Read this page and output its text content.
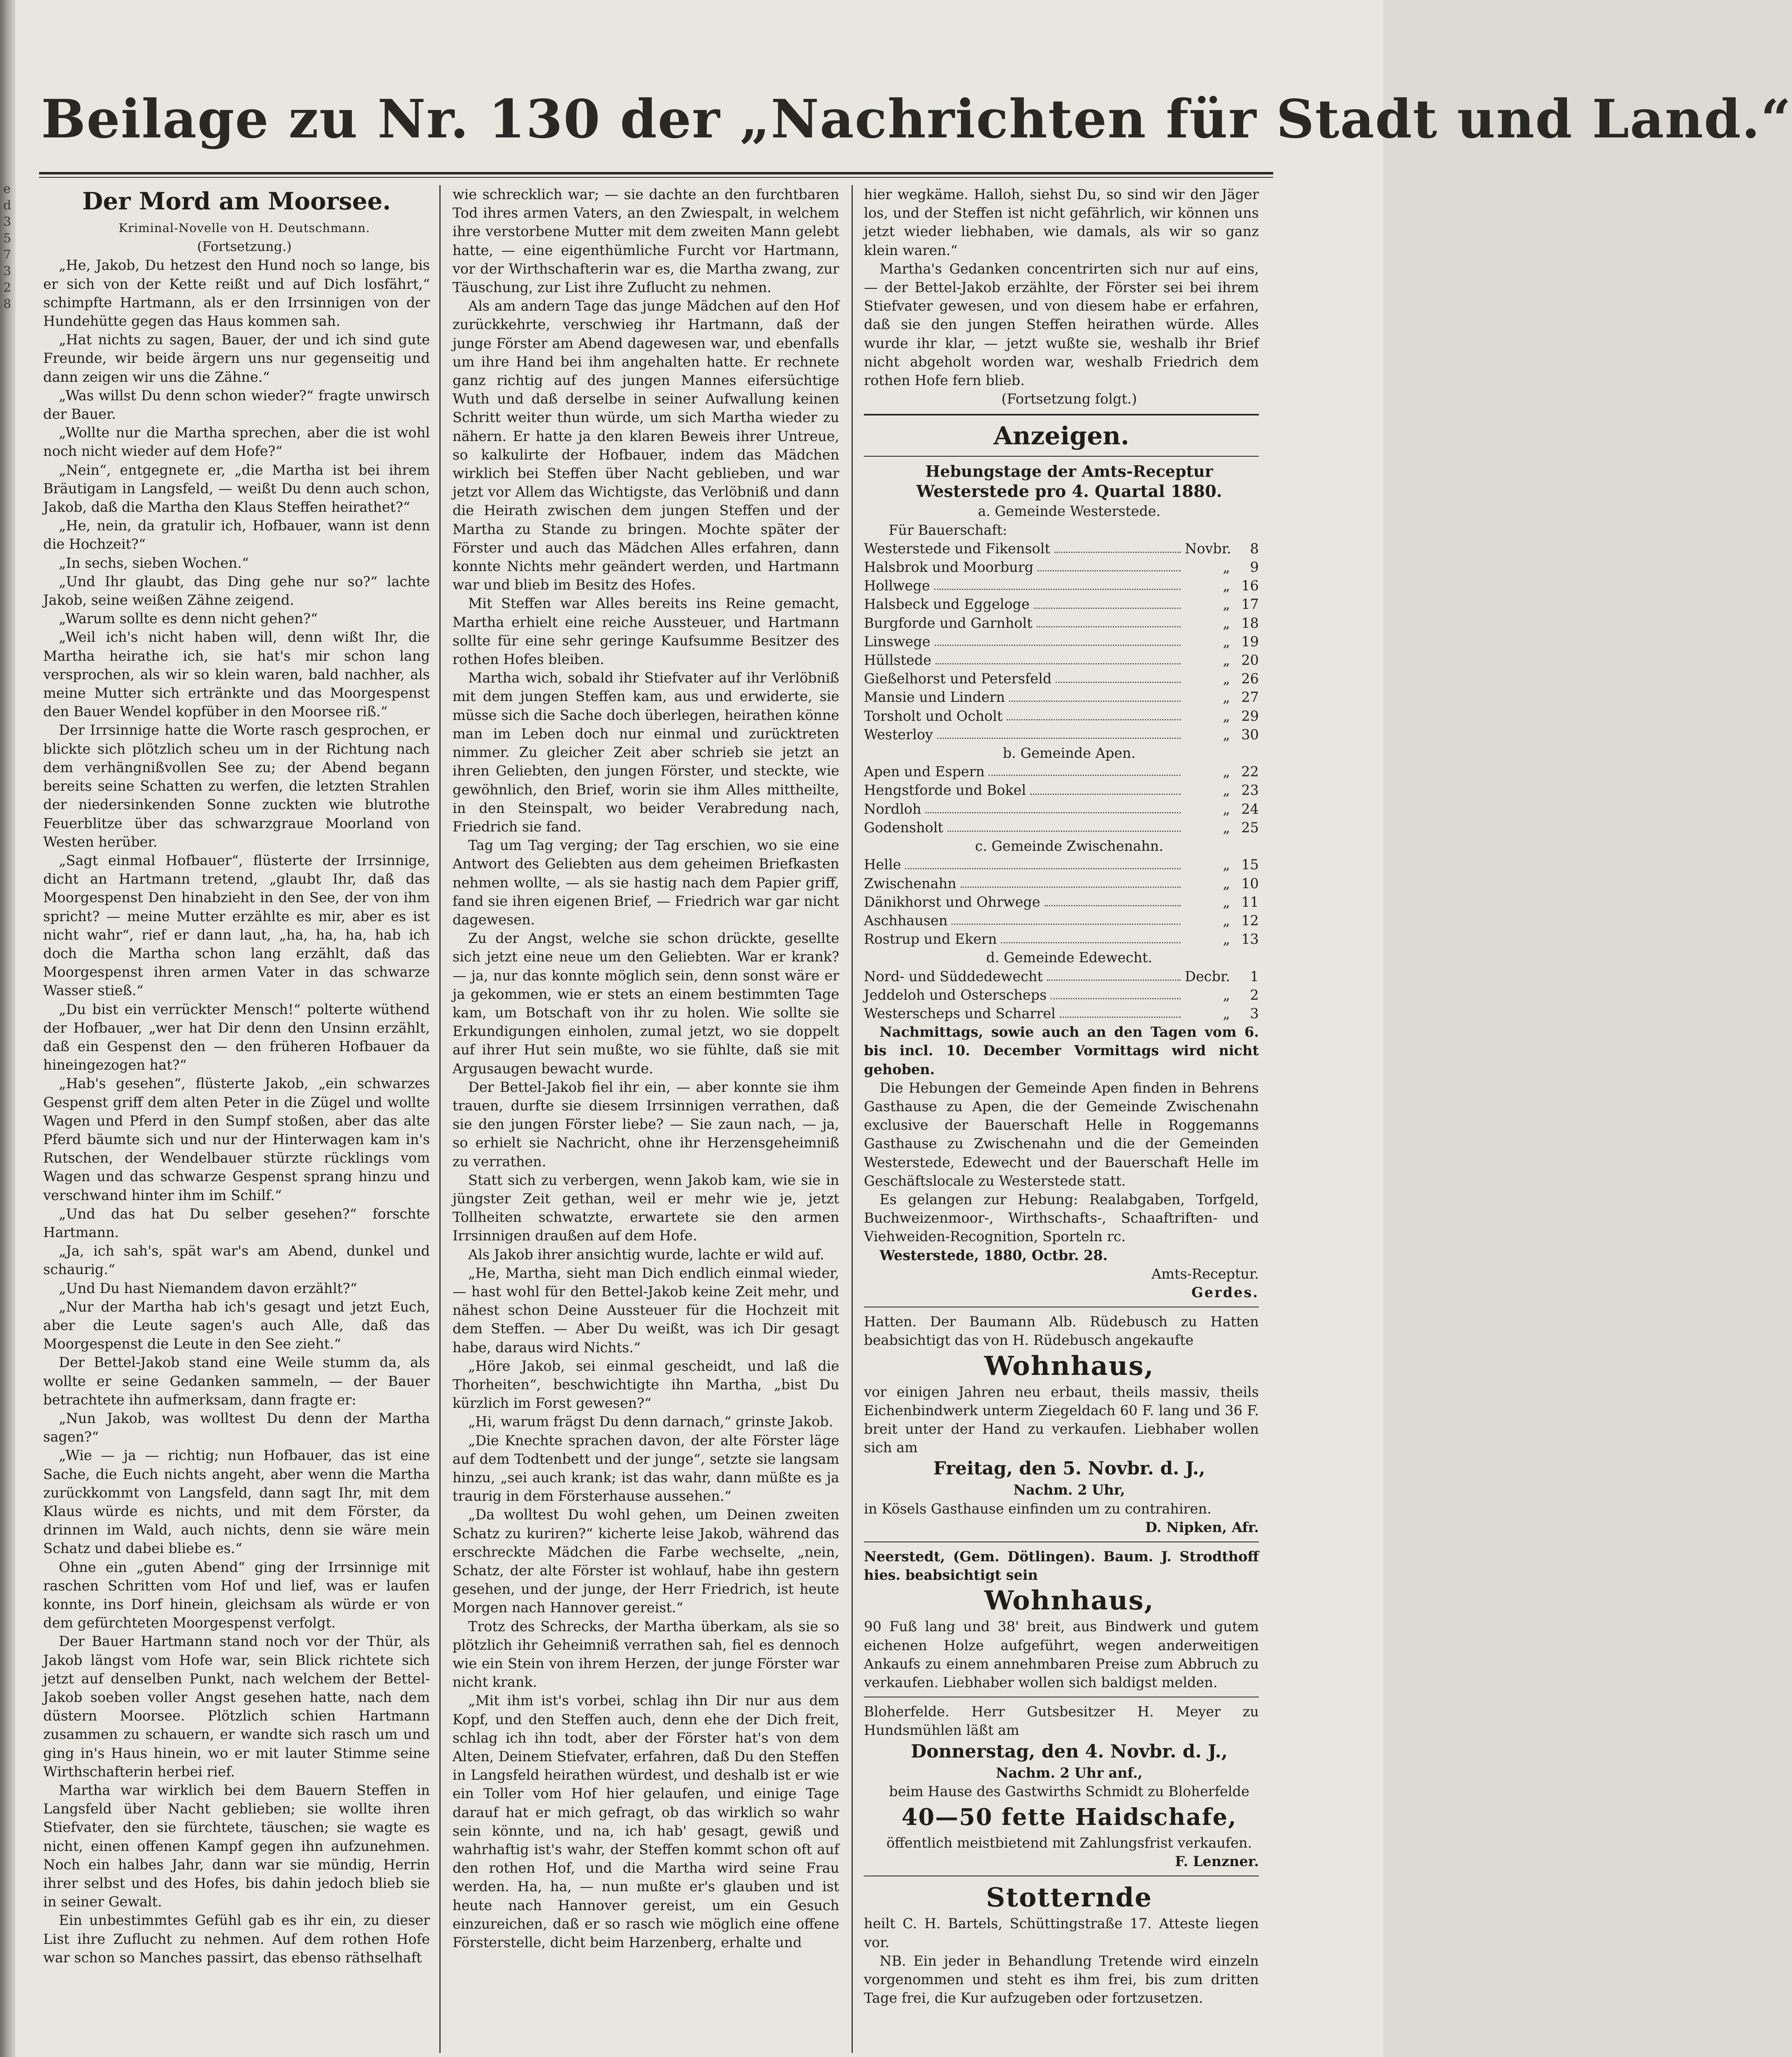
e
d
3
5
7
3
2
8
Beilage zu Nr. 130 der „Nachrichten für Stadt und Land.“
Der Mord am Moorsee.

Kriminal-Novelle von H. Deutschmann.

(Fortsetzung.)

„He, Jakob, Du hetzest den Hund noch so lange, bis er sich von der Kette reißt und auf Dich losfährt,“ schimpfte Hartmann, als er den Irrsinnigen von der Hundehütte gegen das Haus kommen sah.

„Hat nichts zu sagen, Bauer, der und ich sind gute Freunde, wir beide ärgern uns nur gegenseitig und dann zeigen wir uns die Zähne.“

„Was willst Du denn schon wieder?“ fragte unwirsch der Bauer.

„Wollte nur die Martha sprechen, aber die ist wohl noch nicht wieder auf dem Hofe?“

„Nein“, entgegnete er, „die Martha ist bei ihrem Bräutigam in Langsfeld, — weißt Du denn auch schon, Jakob, daß die Martha den Klaus Steffen heirathet?“

„He, nein, da gratulir ich, Hofbauer, wann ist denn die Hochzeit?“

„In sechs, sieben Wochen.“

„Und Ihr glaubt, das Ding gehe nur so?“ lachte Jakob, seine weißen Zähne zeigend.

„Warum sollte es denn nicht gehen?“

„Weil ich's nicht haben will, denn wißt Ihr, die Martha heirathe ich, sie hat's mir schon lang versprochen, als wir so klein waren, bald nachher, als meine Mutter sich ertränkte und das Moorgespenst den Bauer Wendel kopfüber in den Moorsee riß.“

Der Irrsinnige hatte die Worte rasch gesprochen, er blickte sich plötzlich scheu um in der Richtung nach dem verhängnißvollen See zu; der Abend begann bereits seine Schatten zu werfen, die letzten Strahlen der niedersinkenden Sonne zuckten wie blutrothe Feuerblitze über das schwarzgraue Moorland von Westen herüber.

„Sagt einmal Hofbauer“, flüsterte der Irrsinnige, dicht an Hartmann tretend, „glaubt Ihr, daß das Moorgespenst Den hinabzieht in den See, der von ihm spricht? — meine Mutter erzählte es mir, aber es ist nicht wahr“, rief er dann laut, „ha, ha, ha, hab ich doch die Martha schon lang erzählt, daß das Moorgespenst ihren armen Vater in das schwarze Wasser stieß.“

„Du bist ein verrückter Mensch!“ polterte wüthend der Hofbauer, „wer hat Dir denn den Unsinn erzählt, daß ein Gespenst den — den früheren Hofbauer da hineingezogen hat?“

„Hab's gesehen“, flüsterte Jakob, „ein schwarzes Gespenst griff dem alten Peter in die Zügel und wollte Wagen und Pferd in den Sumpf stoßen, aber das alte Pferd bäumte sich und nur der Hinterwagen kam in's Rutschen, der Wendelbauer stürzte rücklings vom Wagen und das schwarze Gespenst sprang hinzu und verschwand hinter ihm im Schilf.“

„Und das hat Du selber gesehen?“ forschte Hartmann.

„Ja, ich sah's, spät war's am Abend, dunkel und schaurig.“

„Und Du hast Niemandem davon erzählt?“

„Nur der Martha hab ich's gesagt und jetzt Euch, aber die Leute sagen's auch Alle, daß das Moorgespenst die Leute in den See zieht.“

Der Bettel-Jakob stand eine Weile stumm da, als wollte er seine Gedanken sammeln, — der Bauer betrachtete ihn aufmerksam, dann fragte er:

„Nun Jakob, was wolltest Du denn der Martha sagen?“

„Wie — ja — richtig; nun Hofbauer, das ist eine Sache, die Euch nichts angeht, aber wenn die Martha zurückkommt von Langsfeld, dann sagt Ihr, mit dem Klaus würde es nichts, und mit dem Förster, da drinnen im Wald, auch nichts, denn sie wäre mein Schatz und dabei bliebe es.“

Ohne ein „guten Abend“ ging der Irrsinnige mit raschen Schritten vom Hof und lief, was er laufen konnte, ins Dorf hinein, gleichsam als würde er von dem gefürchteten Moorgespenst verfolgt.

Der Bauer Hartmann stand noch vor der Thür, als Jakob längst vom Hofe war, sein Blick richtete sich jetzt auf denselben Punkt, nach welchem der Bettel-Jakob soeben voller Angst gesehen hatte, nach dem düstern Moorsee. Plötzlich schien Hartmann zusammen zu schauern, er wandte sich rasch um und ging in's Haus hinein, wo er mit lauter Stimme seine Wirthschafterin herbei rief.

Martha war wirklich bei dem Bauern Steffen in Langsfeld über Nacht geblieben; sie wollte ihren Stiefvater, den sie fürchtete, täuschen; sie wagte es nicht, einen offenen Kampf gegen ihn aufzunehmen. Noch ein halbes Jahr, dann war sie mündig, Herrin ihrer selbst und des Hofes, bis dahin jedoch blieb sie in seiner Gewalt.

Ein unbestimmtes Gefühl gab es ihr ein, zu dieser List ihre Zuflucht zu nehmen. Auf dem rothen Hofe war schon so Manches passirt, das ebenso räthselhaft

wie schrecklich war; — sie dachte an den furchtbaren Tod ihres armen Vaters, an den Zwiespalt, in welchem ihre verstorbene Mutter mit dem zweiten Mann gelebt hatte, — eine eigenthümliche Furcht vor Hartmann, vor der Wirthschafterin war es, die Martha zwang, zur Täuschung, zur List ihre Zuflucht zu nehmen.

Als am andern Tage das junge Mädchen auf den Hof zurückkehrte, verschwieg ihr Hartmann, daß der junge Förster am Abend dagewesen war, und ebenfalls um ihre Hand bei ihm angehalten hatte. Er rechnete ganz richtig auf des jungen Mannes eifersüchtige Wuth und daß derselbe in seiner Aufwallung keinen Schritt weiter thun würde, um sich Martha wieder zu nähern. Er hatte ja den klaren Beweis ihrer Untreue, so kalkulirte der Hofbauer, indem das Mädchen wirklich bei Steffen über Nacht geblieben, und war jetzt vor Allem das Wichtigste, das Verlöbniß und dann die Heirath zwischen dem jungen Steffen und der Martha zu Stande zu bringen. Mochte später der Förster und auch das Mädchen Alles erfahren, dann konnte Nichts mehr geändert werden, und Hartmann war und blieb im Besitz des Hofes.

Mit Steffen war Alles bereits ins Reine gemacht, Martha erhielt eine reiche Aussteuer, und Hartmann sollte für eine sehr geringe Kaufsumme Besitzer des rothen Hofes bleiben.

Martha wich, sobald ihr Stiefvater auf ihr Verlöbniß mit dem jungen Steffen kam, aus und erwiderte, sie müsse sich die Sache doch überlegen, heirathen könne man im Leben doch nur einmal und zurücktreten nimmer. Zu gleicher Zeit aber schrieb sie jetzt an ihren Geliebten, den jungen Förster, und steckte, wie gewöhnlich, den Brief, worin sie ihm Alles mittheilte, in den Steinspalt, wo beider Verabredung nach, Friedrich sie fand.

Tag um Tag verging; der Tag erschien, wo sie eine Antwort des Geliebten aus dem geheimen Briefkasten nehmen wollte, — als sie hastig nach dem Papier griff, fand sie ihren eigenen Brief, — Friedrich war gar nicht dagewesen.

Zu der Angst, welche sie schon drückte, gesellte sich jetzt eine neue um den Geliebten. War er krank? — ja, nur das konnte möglich sein, denn sonst wäre er ja gekommen, wie er stets an einem bestimmten Tage kam, um Botschaft von ihr zu holen. Wie sollte sie Erkundigungen einholen, zumal jetzt, wo sie doppelt auf ihrer Hut sein mußte, wo sie fühlte, daß sie mit Argusaugen bewacht wurde.

Der Bettel-Jakob fiel ihr ein, — aber konnte sie ihm trauen, durfte sie diesem Irrsinnigen verrathen, daß sie den jungen Förster liebe? — Sie zaun nach, — ja, so erhielt sie Nachricht, ohne ihr Herzensgeheimniß zu verrathen.

Statt sich zu verbergen, wenn Jakob kam, wie sie in jüngster Zeit gethan, weil er mehr wie je, jetzt Tollheiten schwatzte, erwartete sie den armen Irrsinnigen draußen auf dem Hofe.

Als Jakob ihrer ansichtig wurde, lachte er wild auf.

„He, Martha, sieht man Dich endlich einmal wieder, — hast wohl für den Bettel-Jakob keine Zeit mehr, und nähest schon Deine Aussteuer für die Hochzeit mit dem Steffen. — Aber Du weißt, was ich Dir gesagt habe, daraus wird Nichts.“

„Höre Jakob, sei einmal gescheidt, und laß die Thorheiten“, beschwichtigte ihn Martha, „bist Du kürzlich im Forst gewesen?“

„Hi, warum frägst Du denn darnach,“ grinste Jakob.

„Die Knechte sprachen davon, der alte Förster läge auf dem Todtenbett und der junge“, setzte sie langsam hinzu, „sei auch krank; ist das wahr, dann müßte es ja traurig in dem Försterhause aussehen.“

„Da wolltest Du wohl gehen, um Deinen zweiten Schatz zu kuriren?“ kicherte leise Jakob, während das erschreckte Mädchen die Farbe wechselte, „nein, Schatz, der alte Förster ist wohlauf, habe ihn gestern gesehen, und der junge, der Herr Friedrich, ist heute Morgen nach Hannover gereist.“

Trotz des Schrecks, der Martha überkam, als sie so plötzlich ihr Geheimniß verrathen sah, fiel es dennoch wie ein Stein von ihrem Herzen, der junge Förster war nicht krank.

„Mit ihm ist's vorbei, schlag ihn Dir nur aus dem Kopf, und den Steffen auch, denn ehe der Dich freit, schlag ich ihn todt, aber der Förster hat's von dem Alten, Deinem Stiefvater, erfahren, daß Du den Steffen in Langsfeld heirathen würdest, und deshalb ist er wie ein Toller vom Hof hier gelaufen, und einige Tage darauf hat er mich gefragt, ob das wirklich so wahr sein könnte, und na, ich hab' gesagt, gewiß und wahrhaftig ist's wahr, der Steffen kommt schon oft auf den rothen Hof, und die Martha wird seine Frau werden. Ha, ha, — nun mußte er's glauben und ist heute nach Hannover gereist, um ein Gesuch einzureichen, daß er so rasch wie möglich eine offene Försterstelle, dicht beim Harzenberg, erhalte und

hier wegkäme. Halloh, siehst Du, so sind wir den Jäger los, und der Steffen ist nicht gefährlich, wir können uns jetzt wieder liebhaben, wie damals, als wir so ganz klein waren.“

Martha's Gedanken concentrirten sich nur auf eins, — der Bettel-Jakob erzählte, der Förster sei bei ihrem Stiefvater gewesen, und von diesem habe er erfahren, daß sie den jungen Steffen heirathen würde. Alles wurde ihr klar, — jetzt wußte sie, weshalb ihr Brief nicht abgeholt worden war, weshalb Friedrich dem rothen Hofe fern blieb.

(Fortsetzung folgt.)

Anzeigen.

Hebungstage der Amts-Receptur

Westerstede pro 4. Quartal 1880.

a. Gemeinde Westerstede.

Für Bauerschaft:

Westerstede und Fikensolt	Novbr.	8
Halsbrok und Moorburg	„	9
Hollwege	„ 16
Halsbeck und Eggeloge	„ 17
Burgforde und Garnholt	„ 18
Linswege	„ 19
Hüllstede	„ 20
Gießelhorst und Petersfeld	„ 26
Mansie und Lindern	„ 27
Torsholt und Ocholt	„ 29
Westerloy	„ 30

b. Gemeinde Apen.

Apen und Espern	„ 22
Hengstforde und Bokel	„ 23
Nordloh	„ 24
Godensholt	„ 25

c. Gemeinde Zwischenahn.

Helle	„ 15
Zwischenahn	„ 10
Dänikhorst und Ohrwege	„ 11
Aschhausen	„ 12
Rostrup und Ekern	„ 13

d. Gemeinde Edewecht.

Nord- und Süddedewecht	Decbr.	1
Jeddeloh und Osterscheps	„	2
Westerscheps und Scharrel	„	3

Nachmittags, sowie auch an den Tagen vom 6. bis incl. 10. December Vormittags wird nicht gehoben.

Die Hebungen der Gemeinde Apen finden in Behrens Gasthause zu Apen, die der Gemeinde Zwischenahn exclusive der Bauerschaft Helle in Roggemanns Gasthause zu Zwischenahn und die der Gemeinden Westerstede, Edewecht und der Bauerschaft Helle im Geschäftslocale zu Westerstede statt.

Es gelangen zur Hebung: Realabgaben, Torfgeld, Buchweizenmoor-, Wirthschafts-, Schaaftriften- und Viehweiden-Recognition, Sporteln rc.

Westerstede, 1880, Octbr. 28.

Amts-Receptur.

Gerdes.

Hatten. Der Baumann Alb. Rüdebusch zu Hatten beabsichtigt das von H. Rüdebusch angekaufte

Wohnhaus,

vor einigen Jahren neu erbaut, theils massiv, theils Eichenbindwerk unterm Ziegeldach 60 F. lang und 36 F. breit unter der Hand zu verkaufen. Liebhaber wollen sich am

Freitag, den 5. Novbr. d. J.,

Nachm. 2 Uhr,

in Kösels Gasthause einfinden um zu contrahiren.

D. Nipken, Afr.

Neerstedt, (Gem. Dötlingen). Baum. J. Strodthoff hies. beabsichtigt sein

Wohnhaus,

90 Fuß lang und 38' breit, aus Bindwerk und gutem eichenen Holze aufgeführt, wegen anderweitigen Ankaufs zu einem annehmbaren Preise zum Abbruch zu verkaufen. Liebhaber wollen sich baldigst melden.

Bloherfelde. Herr Gutsbesitzer H. Meyer zu Hundsmühlen läßt am

Donnerstag, den 4. Novbr. d. J.,

Nachm. 2 Uhr anf.,

beim Hause des Gastwirths Schmidt zu Bloherfelde

40—50 fette Haidschafe,

öffentlich meistbietend mit Zahlungsfrist verkaufen.

F. Lenzner.

Stotternde

heilt C. H. Bartels, Schüttingstraße 17. Atteste liegen vor.

NB. Ein jeder in Behandlung Tretende wird einzeln vorgenommen und steht es ihm frei, bis zum dritten Tage frei, die Kur aufzugeben oder fortzusetzen.
